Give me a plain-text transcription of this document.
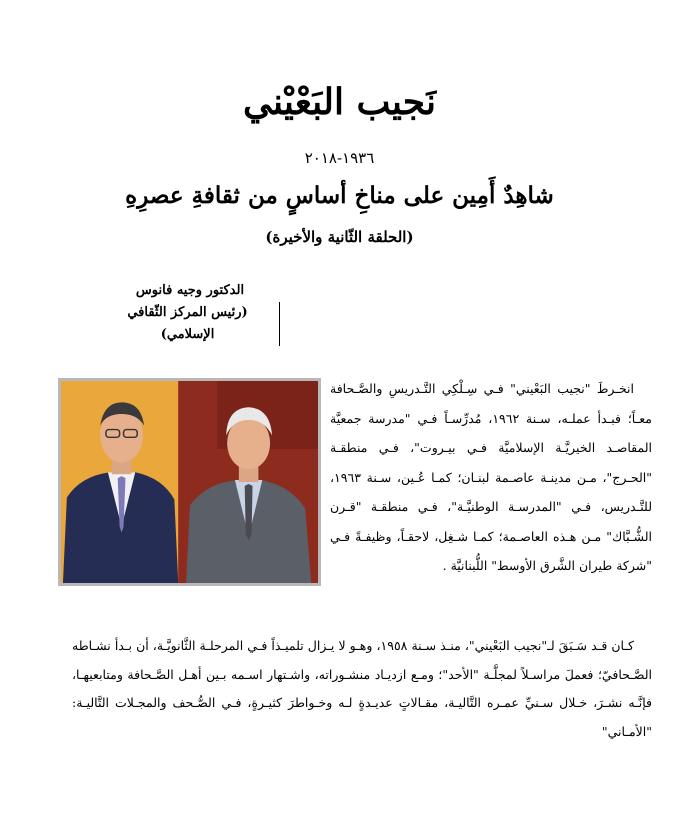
نَجيب البَعْيْني
١٩٣٦-٢٠١٨
شاهِدٌ أَمِين على مناخِ أساسٍ من ثقافةِ عصرِهِ
(الحلقة الثّانية والأخيرة)
الدكتور وجيه فانوس
(رئيس المركز الثّقافي الإسلامي)
انخـرطَ "نجيب البَعْيني" فـي سِـلْكِي التَّـدريسِ والصَّـحافة معـاً؛ فبـدأ عملـه، سـنة ١٩٦٢، مُدرِّسـاً فـي "مدرسة جمعيَّة المقاصـد الخيريَّـة الإسلاميَّة فـي بيـروت"، فـي منطقـة "الحـرج"، مـن مدينـة عاصـمة لبنـان؛ كمـا عُـين، سـنة ١٩٦٣، للتَّـدريس، فـي "المدرسـة الوطنيَّـة"، فـي منطقـة "قـرن الشُّـبَّاك" مـن هـذه العاصـمة؛ كمـا شـغِل، لاحقـاً، وظيفـةً فـي "شركة طيران الشَّرق الأوسط" اللُّبنانيَّة .
كـان قـد سَـبَقَ لـ"نجيب البَعْيني"، منـذ سـنة ١٩٥٨، وهـو لا يـزال تلميـذاً فـي المرحلـة الثَّانويَّـة، أن بـدأ نشـاطه الصَّـحافيّ؛ فعملَ مراسـلاً لمجلَّـة "الأحد"؛ ومـع ازديـاد منشـوراته، واشـتهار اسـمه بـين أهـل الصَّـحافة ومتابعيهـا، فإنَّـه نشـرَ، خـلال سـنيِّ عمـره التَّاليـة، مقـالاتٍ عديـدةٍ لـه وخـواطرَ كثيـرةٍ، فـي الصُّـحف والمجـلات التَّاليـة: "الأمـاني"
